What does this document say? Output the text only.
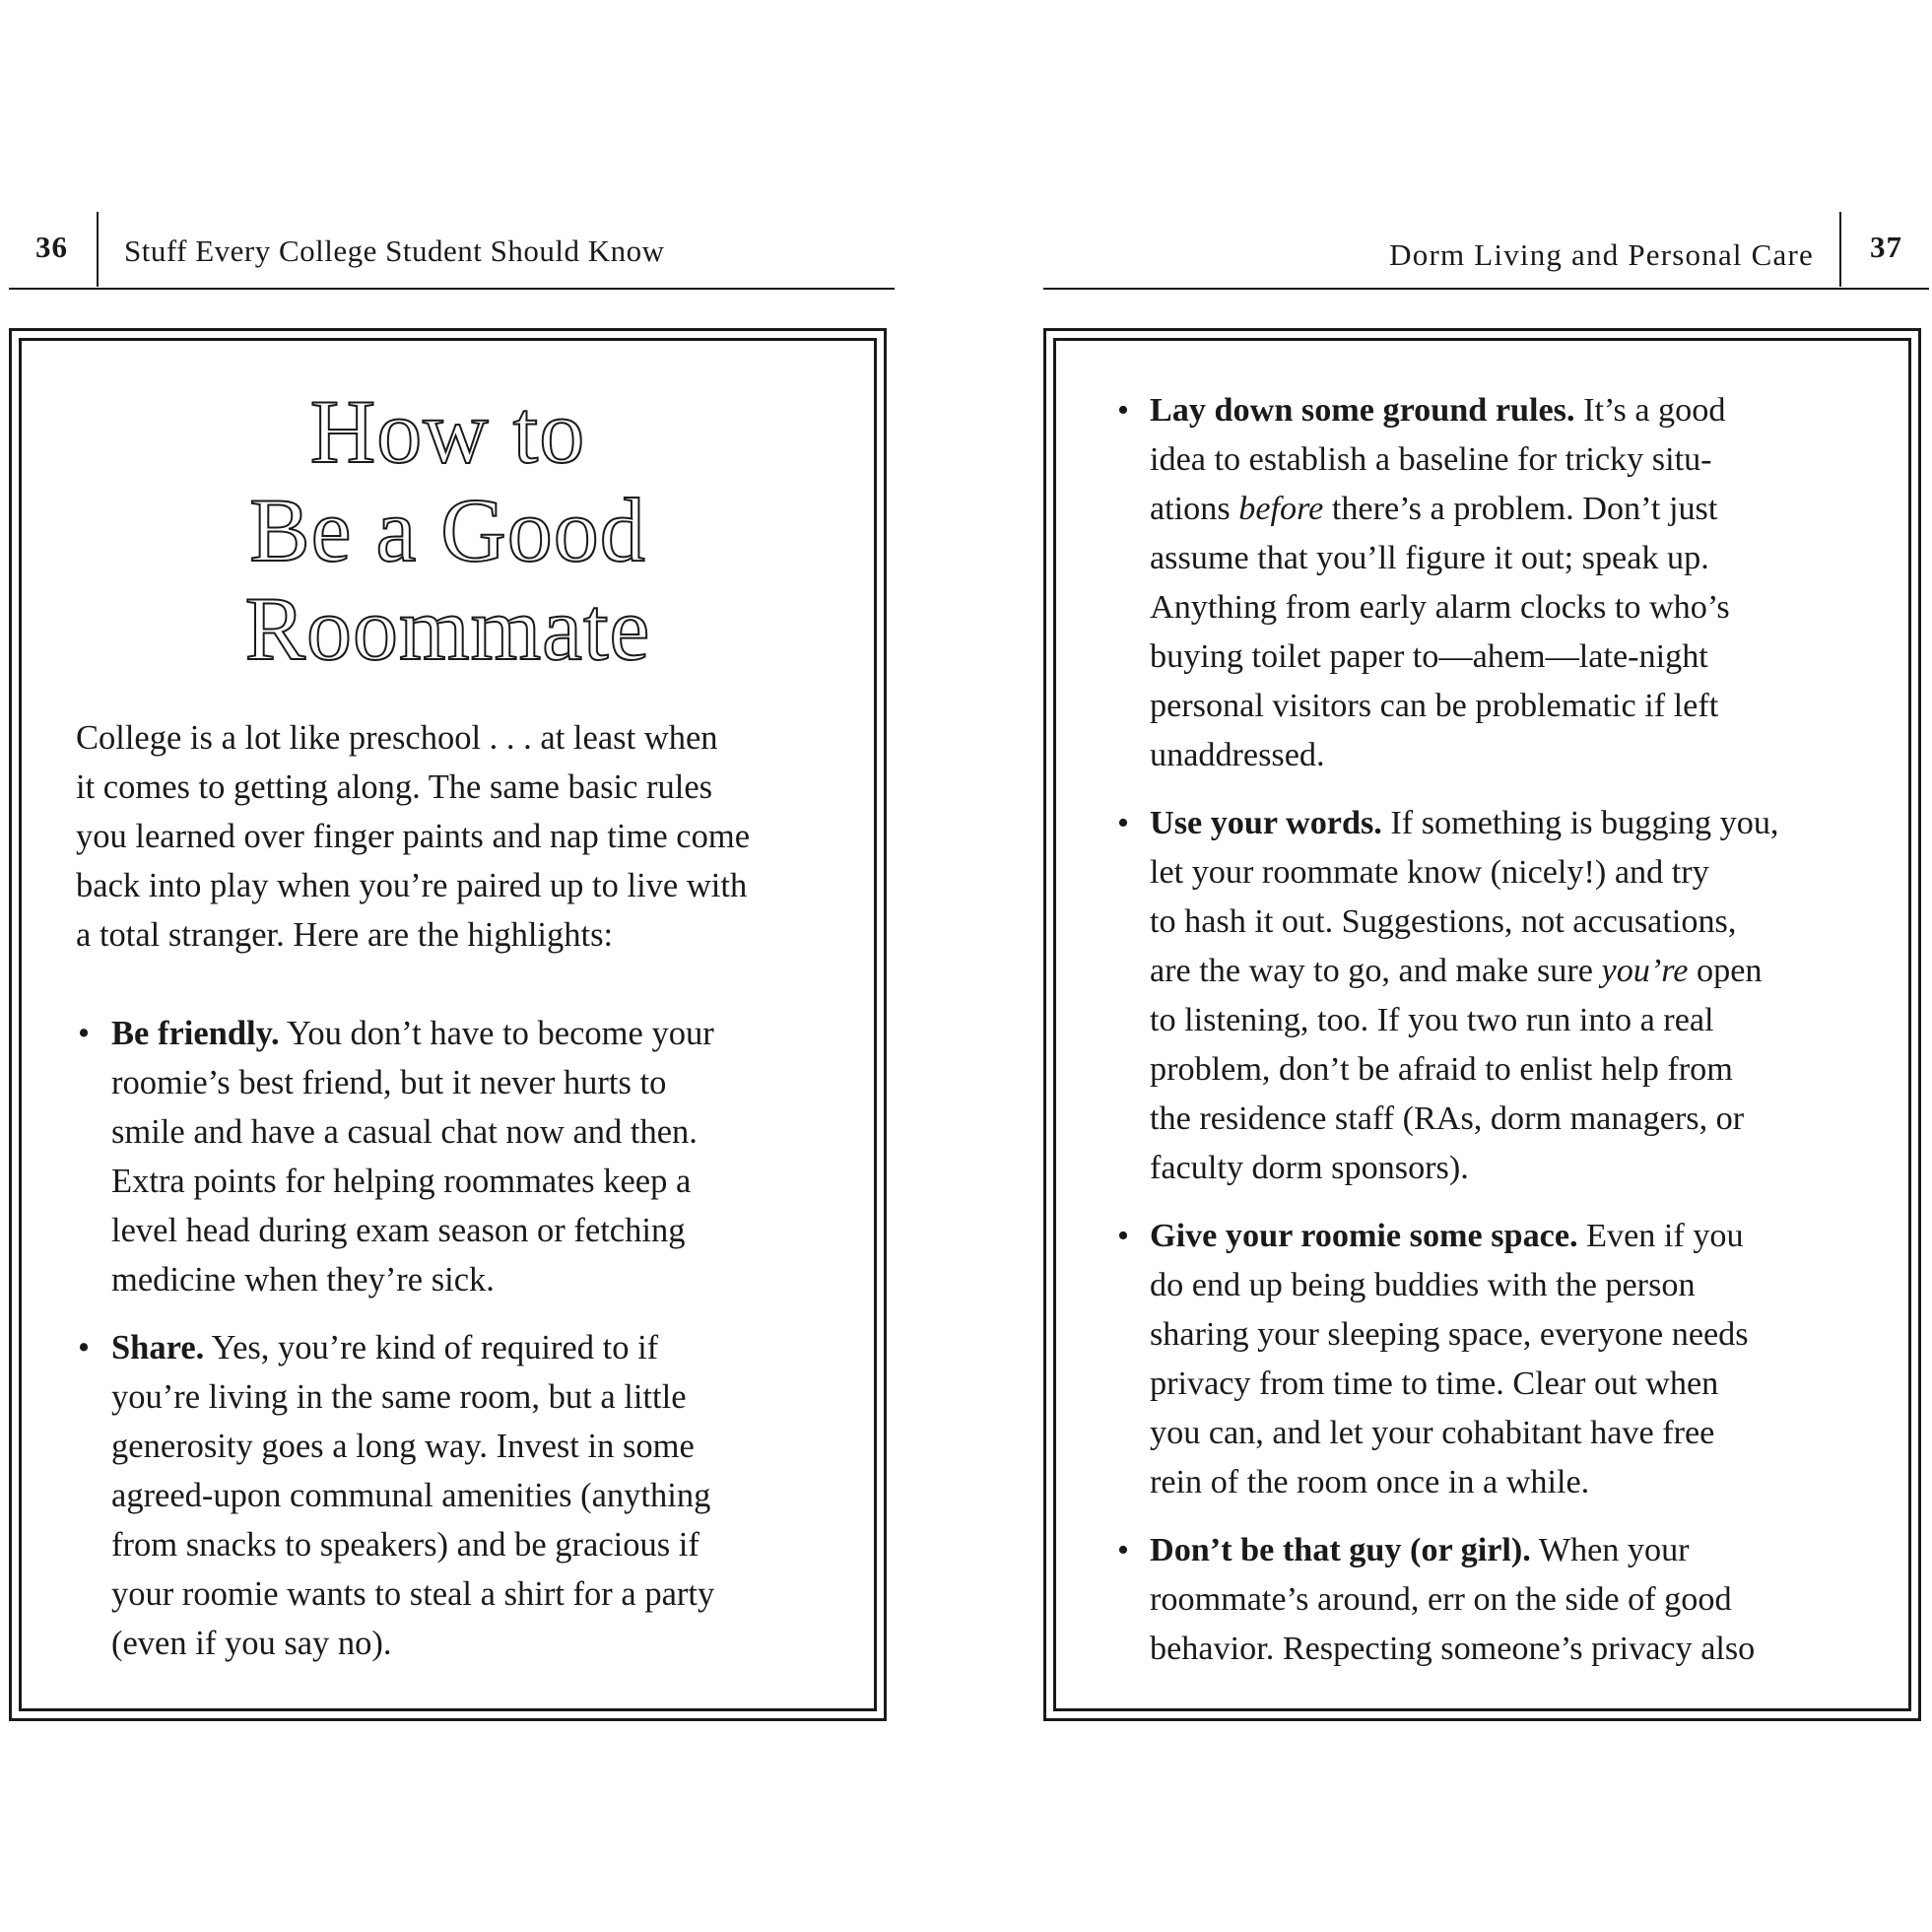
36 Stuff Every College Student Should Know
How to
Be a Good
Roommate

College is a lot like preschool . . . at least when
it comes to getting along. The same basic rules
you learned over finger paints and nap time come
back into play when you’re paired up to live with
a total stranger. Here are the highlights:

• Be friendly. You don’t have to become your
roomie’s best friend, but it never hurts to
smile and have a casual chat now and then.
Extra points for helping roommates keep a
level head during exam season or fetching
medicine when they’re sick.
• Share. Yes, you’re kind of required to if
you’re living in the same room, but a little
generosity goes a long way. Invest in some
agreed-upon communal amenities (anything
from snacks to speakers) and be gracious if
your roomie wants to steal a shirt for a party
(even if you say no).
Dorm Living and Personal Care 37
• Lay down some ground rules. It’s a good
idea to establish a baseline for tricky situ-
ations before there’s a problem. Don’t just
assume that you’ll figure it out; speak up.
Anything from early alarm clocks to who’s
buying toilet paper to—ahem—late-night
personal visitors can be problematic if left
unaddressed.
• Use your words. If something is bugging you,
let your roommate know (nicely!) and try
to hash it out. Suggestions, not accusations,
are the way to go, and make sure you’re open
to listening, too. If you two run into a real
problem, don’t be afraid to enlist help from
the residence staff (RAs, dorm managers, or
faculty dorm sponsors).
• Give your roomie some space. Even if you
do end up being buddies with the person
sharing your sleeping space, everyone needs
privacy from time to time. Clear out when
you can, and let your cohabitant have free
rein of the room once in a while.
• Don’t be that guy (or girl). When your
roommate’s around, err on the side of good
behavior. Respecting someone’s privacy also
